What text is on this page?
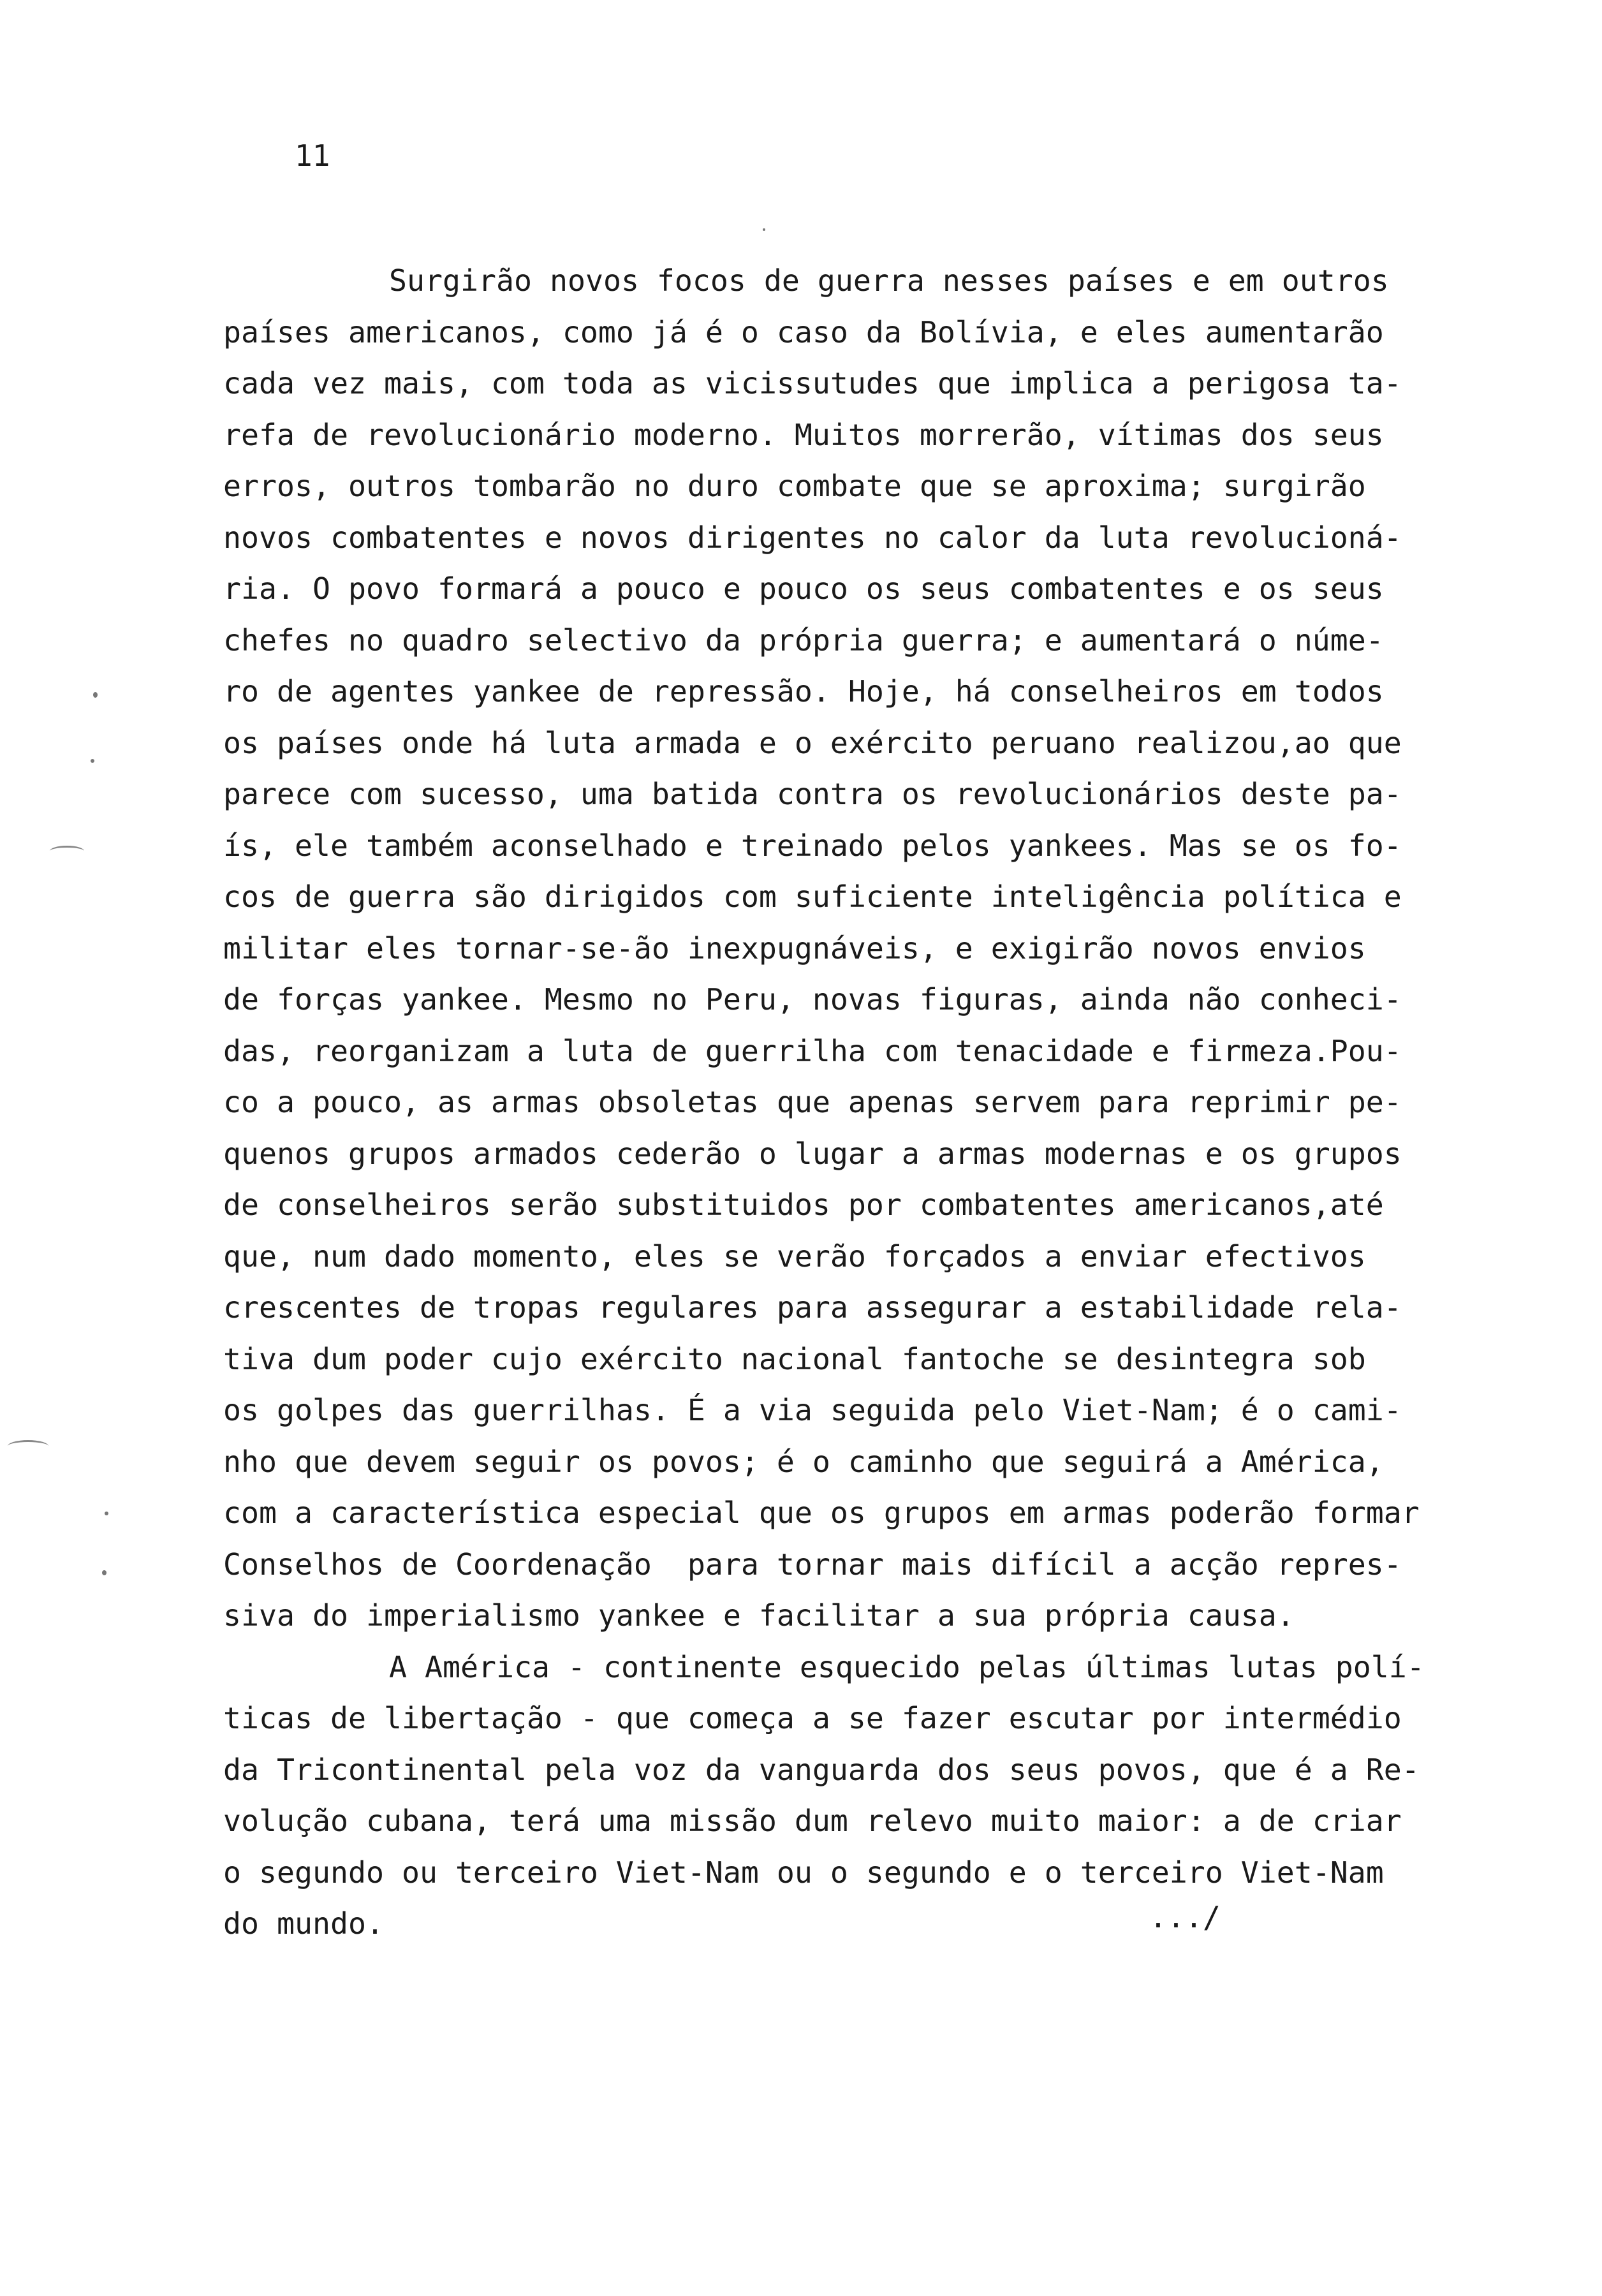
11
Surgirão novos focos de guerra nesses países e em outros
países americanos, como já é o caso da Bolívia, e eles aumentarão
cada vez mais, com toda as vicissutudes que implica a perigosa ta-
refa de revolucionário moderno. Muitos morrerão, vítimas dos seus
erros, outros tombarão no duro combate que se aproxima; surgirão
novos combatentes e novos dirigentes no calor da luta revolucioná-
ria. O povo formará a pouco e pouco os seus combatentes e os seus
chefes no quadro selectivo da própria guerra; e aumentará o núme-
ro de agentes yankee de repressão. Hoje, há conselheiros em todos
os países onde há luta armada e o exército peruano realizou,ao que
parece com sucesso, uma batida contra os revolucionários deste pa-
ís, ele também aconselhado e treinado pelos yankees. Mas se os fo-
cos de guerra são dirigidos com suficiente inteligência política e
militar eles tornar-se-ão inexpugnáveis, e exigirão novos envios
de forças yankee. Mesmo no Peru, novas figuras, ainda não conheci-
das, reorganizam a luta de guerrilha com tenacidade e firmeza.Pou-
co a pouco, as armas obsoletas que apenas servem para reprimir pe-
quenos grupos armados cederão o lugar a armas modernas e os grupos
de conselheiros serão substituidos por combatentes americanos,até
que, num dado momento, eles se verão forçados a enviar efectivos
crescentes de tropas regulares para assegurar a estabilidade rela-
tiva dum poder cujo exército nacional fantoche se desintegra sob
os golpes das guerrilhas. É a via seguida pelo Viet-Nam; é o cami-
nho que devem seguir os povos; é o caminho que seguirá a América,
com a característica especial que os grupos em armas poderão formar
Conselhos de Coordenação  para tornar mais difícil a acção repres-
siva do imperialismo yankee e facilitar a sua própria causa.
A América - continente esquecido pelas últimas lutas polí-
ticas de libertação - que começa a se fazer escutar por intermédio
da Tricontinental pela voz da vanguarda dos seus povos, que é a Re-
volução cubana, terá uma missão dum relevo muito maior: a de criar
o segundo ou terceiro Viet-Nam ou o segundo e o terceiro Viet-Nam
do mundo.	.../
